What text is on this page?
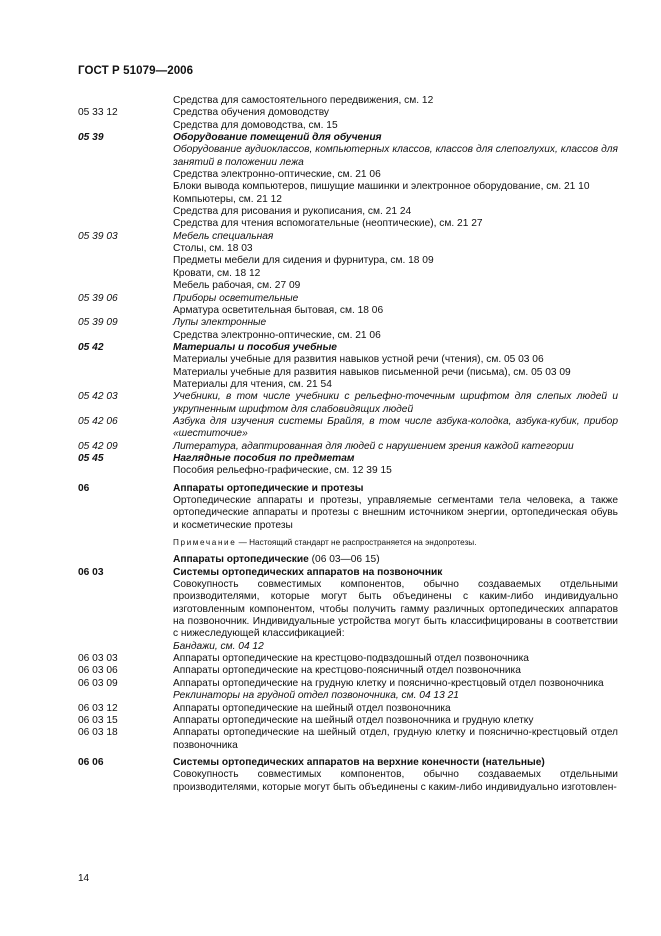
ГОСТ Р 51079—2006
Средства для самостоятельного передвижения, см. 12
05 33 12	Средства обучения домоводству
Средства для домоводства, см. 15
05 39	Оборудование помещений для обучения
Оборудование аудиоклассов, компьютерных классов, классов для слепоглухих, классов для занятий в положении лежа
Средства электронно-оптические, см. 21 06
Блоки вывода компьютеров, пишущие машинки и электронное оборудование, см. 21 10
Компьютеры, см. 21 12
Средства для рисования и рукописания, см. 21 24
Средства для чтения вспомогательные (неоптические), см. 21 27
05 39 03	Мебель специальная
Столы, см. 18 03
Предметы мебели для сидения и фурнитура, см. 18 09
Кровати, см. 18 12
Мебель рабочая, см. 27 09
05 39 06	Приборы осветительные
Арматура осветительная бытовая, см. 18 06
05 39 09	Лупы электронные
Средства электронно-оптические, см. 21 06
05 42	Материалы и пособия учебные
Материалы учебные для развития навыков устной речи (чтения), см. 05 03 06
Материалы учебные для развития навыков письменной речи (письма), см. 05 03 09
Материалы для чтения, см. 21 54
05 42 03	Учебники, в том числе учебники с рельефно-точечным шрифтом для слепых людей и укрупненным шрифтом для слабовидящих людей
05 42 06	Азбука для изучения системы Брайля, в том числе азбука-колодка, азбука-кубик, прибор «шеститочие»
05 42 09	Литература, адаптированная для людей с нарушением зрения каждой категории
05 45	Наглядные пособия по предметам
Пособия рельефно-графические, см. 12 39 15
06	Аппараты ортопедические и протезы
Ортопедические аппараты и протезы, управляемые сегментами тела человека, а также ортопедические аппараты и протезы с внешним источником энергии, ортопедическая обувь и косметические протезы
Примечание — Настоящий стандарт не распространяется на эндопротезы.
Аппараты ортопедические (06 03—06 15)
06 03	Системы ортопедических аппаратов на позвоночник
Совокупность совместимых компонентов, обычно создаваемых отдельными производителями, которые могут быть объединены с каким-либо индивидуально изготовленным компонентом, чтобы получить гамму различных ортопедических аппаратов на позвоночник. Индивидуальные устройства могут быть классифицированы в соответствии с нижеследующей классификацией:
Бандажи, см. 04 12
06 03 03	Аппараты ортопедические на крестцово-подвздошный отдел позвоночника
06 03 06	Аппараты ортопедические на крестцово-поясничный отдел позвоночника
06 03 09	Аппараты ортопедические на грудную клетку и пояснично-крестцовый отдел позвоночника
Реклинаторы на грудной отдел позвоночника, см. 04 13 21
06 03 12	Аппараты ортопедические на шейный отдел позвоночника
06 03 15	Аппараты ортопедические на шейный отдел позвоночника и грудную клетку
06 03 18	Аппараты ортопедические на шейный отдел, грудную клетку и пояснично-крестцовый отдел позвоночника
06 06	Системы ортопедических аппаратов на верхние конечности (нательные)
Совокупность совместимых компонентов, обычно создаваемых отдельными производителями, которые могут быть объединены с каким-либо индивидуально изготовлен-
14
